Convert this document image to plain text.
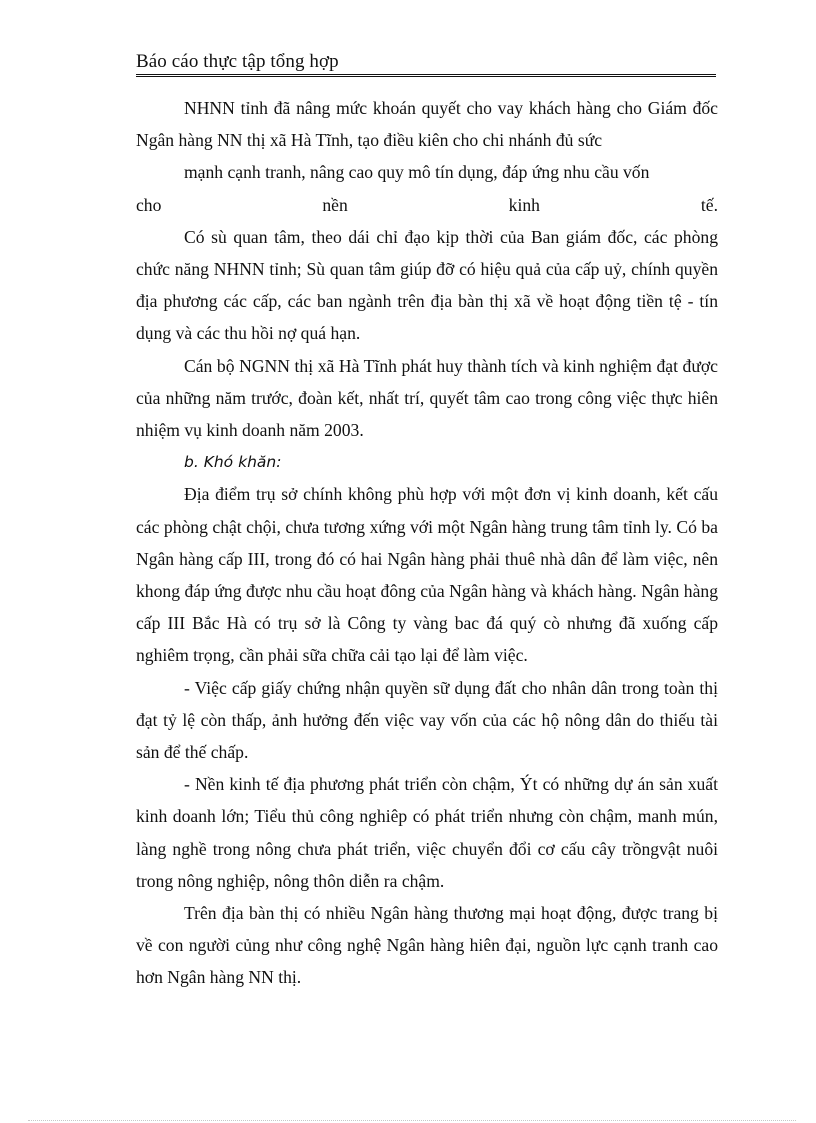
Báo cáo thực tập tổng hợp

NHNN tỉnh đã nâng mức khoán quyết cho vay khách hàng cho Giám đốc Ngân hàng NN thị xã Hà Tĩnh, tạo điều kiên cho chi nhánh đủ sức

mạnh cạnh tranh, nâng cao quy mô tín dụng, đáp ứng nhu cầu vốn

cho nền kinh tế.

Có sù quan tâm, theo dái chỉ đạo kịp thời của Ban giám đốc, các phòng chức năng NHNN tỉnh; Sù quan tâm giúp đỡ có hiệu quả của cấp uỷ, chính quyền địa phương các cấp, các ban ngành trên địa bàn thị xã về hoạt động tiền tệ - tín dụng và các thu hồi nợ quá hạn.

Cán bộ NGNN thị xã Hà Tĩnh phát huy thành tích và kinh nghiệm đạt được của những năm trước, đoàn kết, nhất trí, quyết tâm cao trong công việc thực hiên nhiệm vụ kinh doanh năm 2003.

b. Khó khăn:

Địa điểm trụ sở chính không phù hợp với một đơn vị kinh doanh, kết cấu các phòng chật chội, chưa tương xứng với một Ngân hàng trung tâm tỉnh ly. Có ba Ngân hàng cấp III, trong đó có hai Ngân hàng phải thuê nhà dân để làm việc, nên khong đáp ứng được nhu cầu hoạt đông của Ngân hàng và khách hàng. Ngân hàng cấp III Bắc Hà có trụ sở là Công ty vàng bac đá quý cò nhưng đã xuống cấp nghiêm trọng, cần phải sữa chữa cải tạo lại để làm việc.

- Việc cấp giấy chứng nhận quyền sữ dụng đất cho nhân dân trong toàn thị đạt tỷ lệ còn thấp, ảnh hưởng đến việc vay vốn của các hộ nông dân do thiếu tài sản để thế chấp.

- Nền kinh tế địa phương phát triển còn chậm, Ýt có những dự án sản xuất kinh doanh lớn; Tiểu thủ công nghiêp có phát triển nhưng còn chậm, manh mún, làng nghề trong nông chưa phát triển, việc chuyển đổi cơ cấu cây trồngvật nuôi trong nông nghiệp, nông thôn diễn ra chậm.

Trên địa bàn thị có nhiều Ngân hàng thương mại hoạt động, được trang bị về con người củng như công nghệ Ngân hàng hiên đại, nguồn lực cạnh tranh cao hơn Ngân hàng NN thị.
